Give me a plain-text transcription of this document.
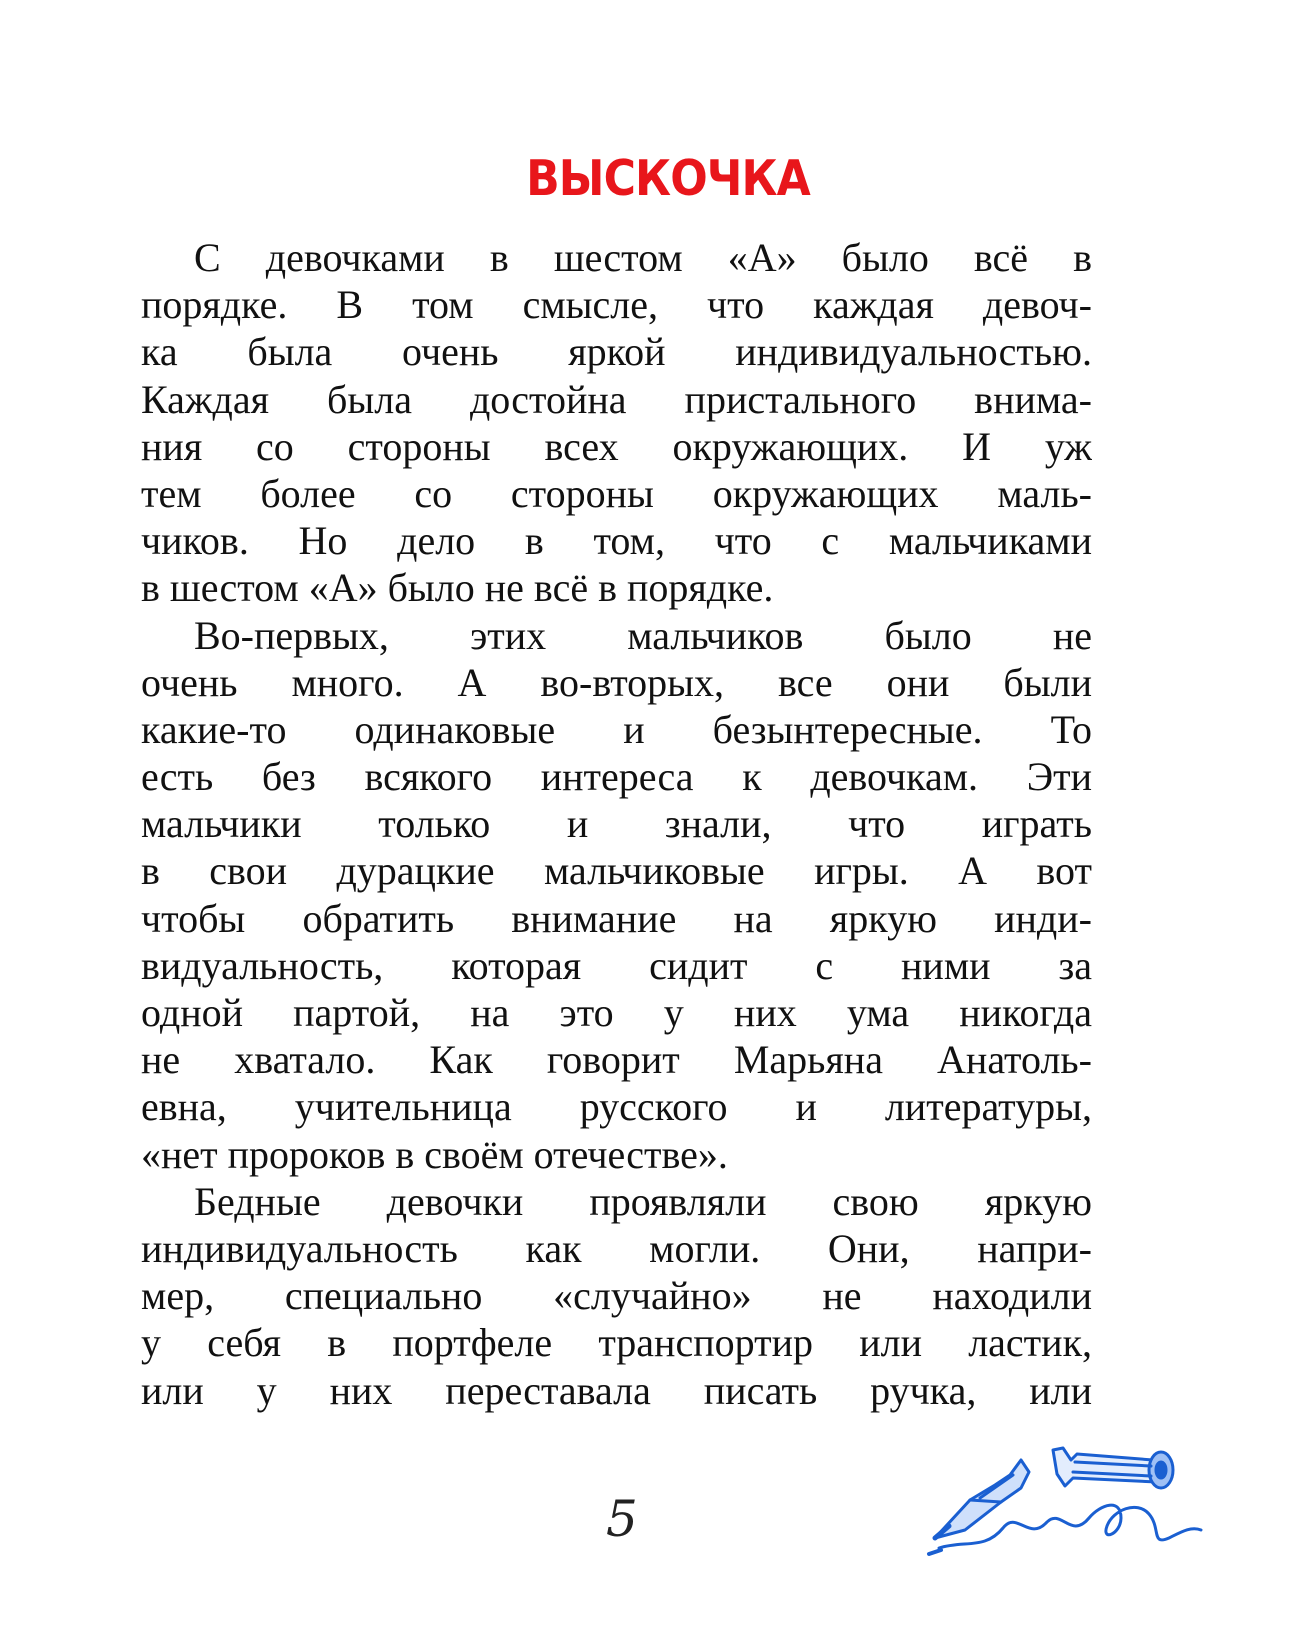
ВЫСКОЧКА
С девочками в шестом «А» было всё в
порядке. В том смысле, что каждая девоч-
ка была очень яркой индивидуальностью.
Каждая была достойна пристального внима-
ния со стороны всех окружающих. И уж
тем более со стороны окружающих маль-
чиков. Но дело в том, что с мальчиками
в шестом «А» было не всё в порядке.
Во-первых, этих мальчиков было не
очень много. А во-вторых, все они были
какие-то одинаковые и безынтересные. То
есть без всякого интереса к девочкам. Эти
мальчики только и знали, что играть
в свои дурацкие мальчиковые игры. А вот
чтобы обратить внимание на яркую инди-
видуальность, которая сидит с ними за
одной партой, на это у них ума никогда
не хватало. Как говорит Марьяна Анатоль-
евна, учительница русского и литературы,
«нет пророков в своём отечестве».
Бедные девочки проявляли свою яркую
индивидуальность как могли. Они, напри-
мер, специально «случайно» не находили
у себя в портфеле транспортир или ластик,
или у них переставала писать ручка, или
5
